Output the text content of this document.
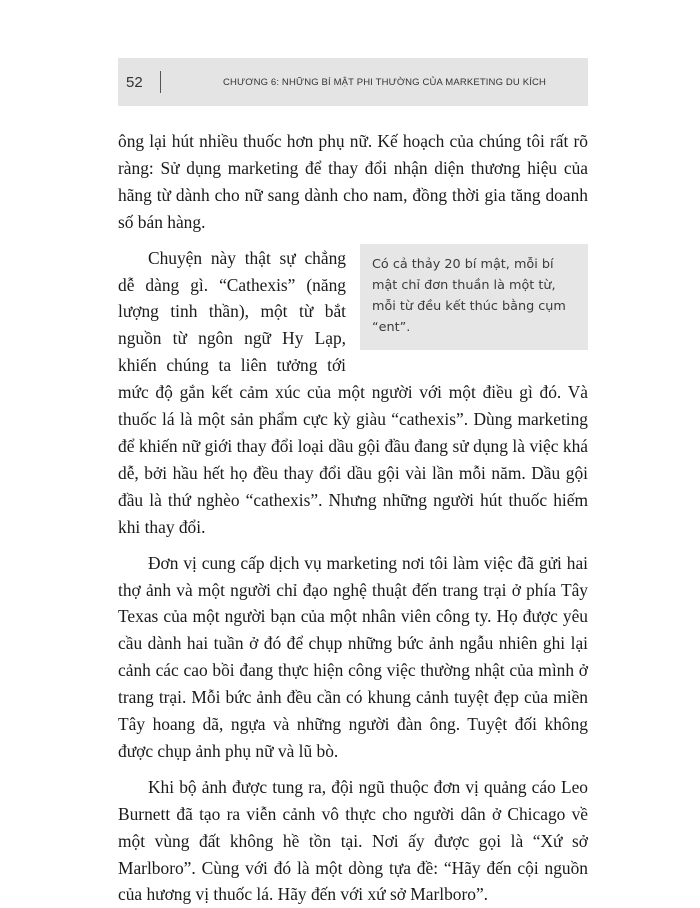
52	CHƯƠNG 6: NHỮNG BÍ MẬT PHI THƯỜNG CỦA MARKETING DU KÍCH

ông lại hút nhiều thuốc hơn phụ nữ. Kế hoạch của chúng tôi rất rõ ràng: Sử dụng marketing để thay đổi nhận diện thương hiệu của hãng từ dành cho nữ sang dành cho nam, đồng thời gia tăng doanh số bán hàng.

Có cả thảy 20 bí mật, mỗi bí mật chỉ đơn thuần là một từ, mỗi từ đều kết thúc bằng cụm “ent”.

Chuyện này thật sự chẳng dễ dàng gì. “Cathexis” (năng lượng tinh thần), một từ bắt nguồn từ ngôn ngữ Hy Lạp, khiến chúng ta liên tưởng tới mức độ gắn kết cảm xúc của một người với một điều gì đó. Và thuốc lá là một sản phẩm cực kỳ giàu “cathexis”. Dùng marketing để khiến nữ giới thay đổi loại dầu gội đầu đang sử dụng là việc khá dễ, bởi hầu hết họ đều thay đổi dầu gội vài lần mỗi năm. Dầu gội đầu là thứ nghèo “cathexis”. Nhưng những người hút thuốc hiếm khi thay đổi.

Đơn vị cung cấp dịch vụ marketing nơi tôi làm việc đã gửi hai thợ ảnh và một người chỉ đạo nghệ thuật đến trang trại ở phía Tây Texas của một người bạn của một nhân viên công ty. Họ được yêu cầu dành hai tuần ở đó để chụp những bức ảnh ngẫu nhiên ghi lại cảnh các cao bồi đang thực hiện công việc thường nhật của mình ở trang trại. Mỗi bức ảnh đều cần có khung cảnh tuyệt đẹp của miền Tây hoang dã, ngựa và những người đàn ông. Tuyệt đối không được chụp ảnh phụ nữ và lũ bò.

Khi bộ ảnh được tung ra, đội ngũ thuộc đơn vị quảng cáo Leo Burnett đã tạo ra viễn cảnh vô thực cho người dân ở Chicago về một vùng đất không hề tồn tại. Nơi ấy được gọi là “Xứ sở Marlboro”. Cùng với đó là một dòng tựa đề: “Hãy đến cội nguồn của hương vị thuốc lá. Hãy đến với xứ sở Marlboro”.
